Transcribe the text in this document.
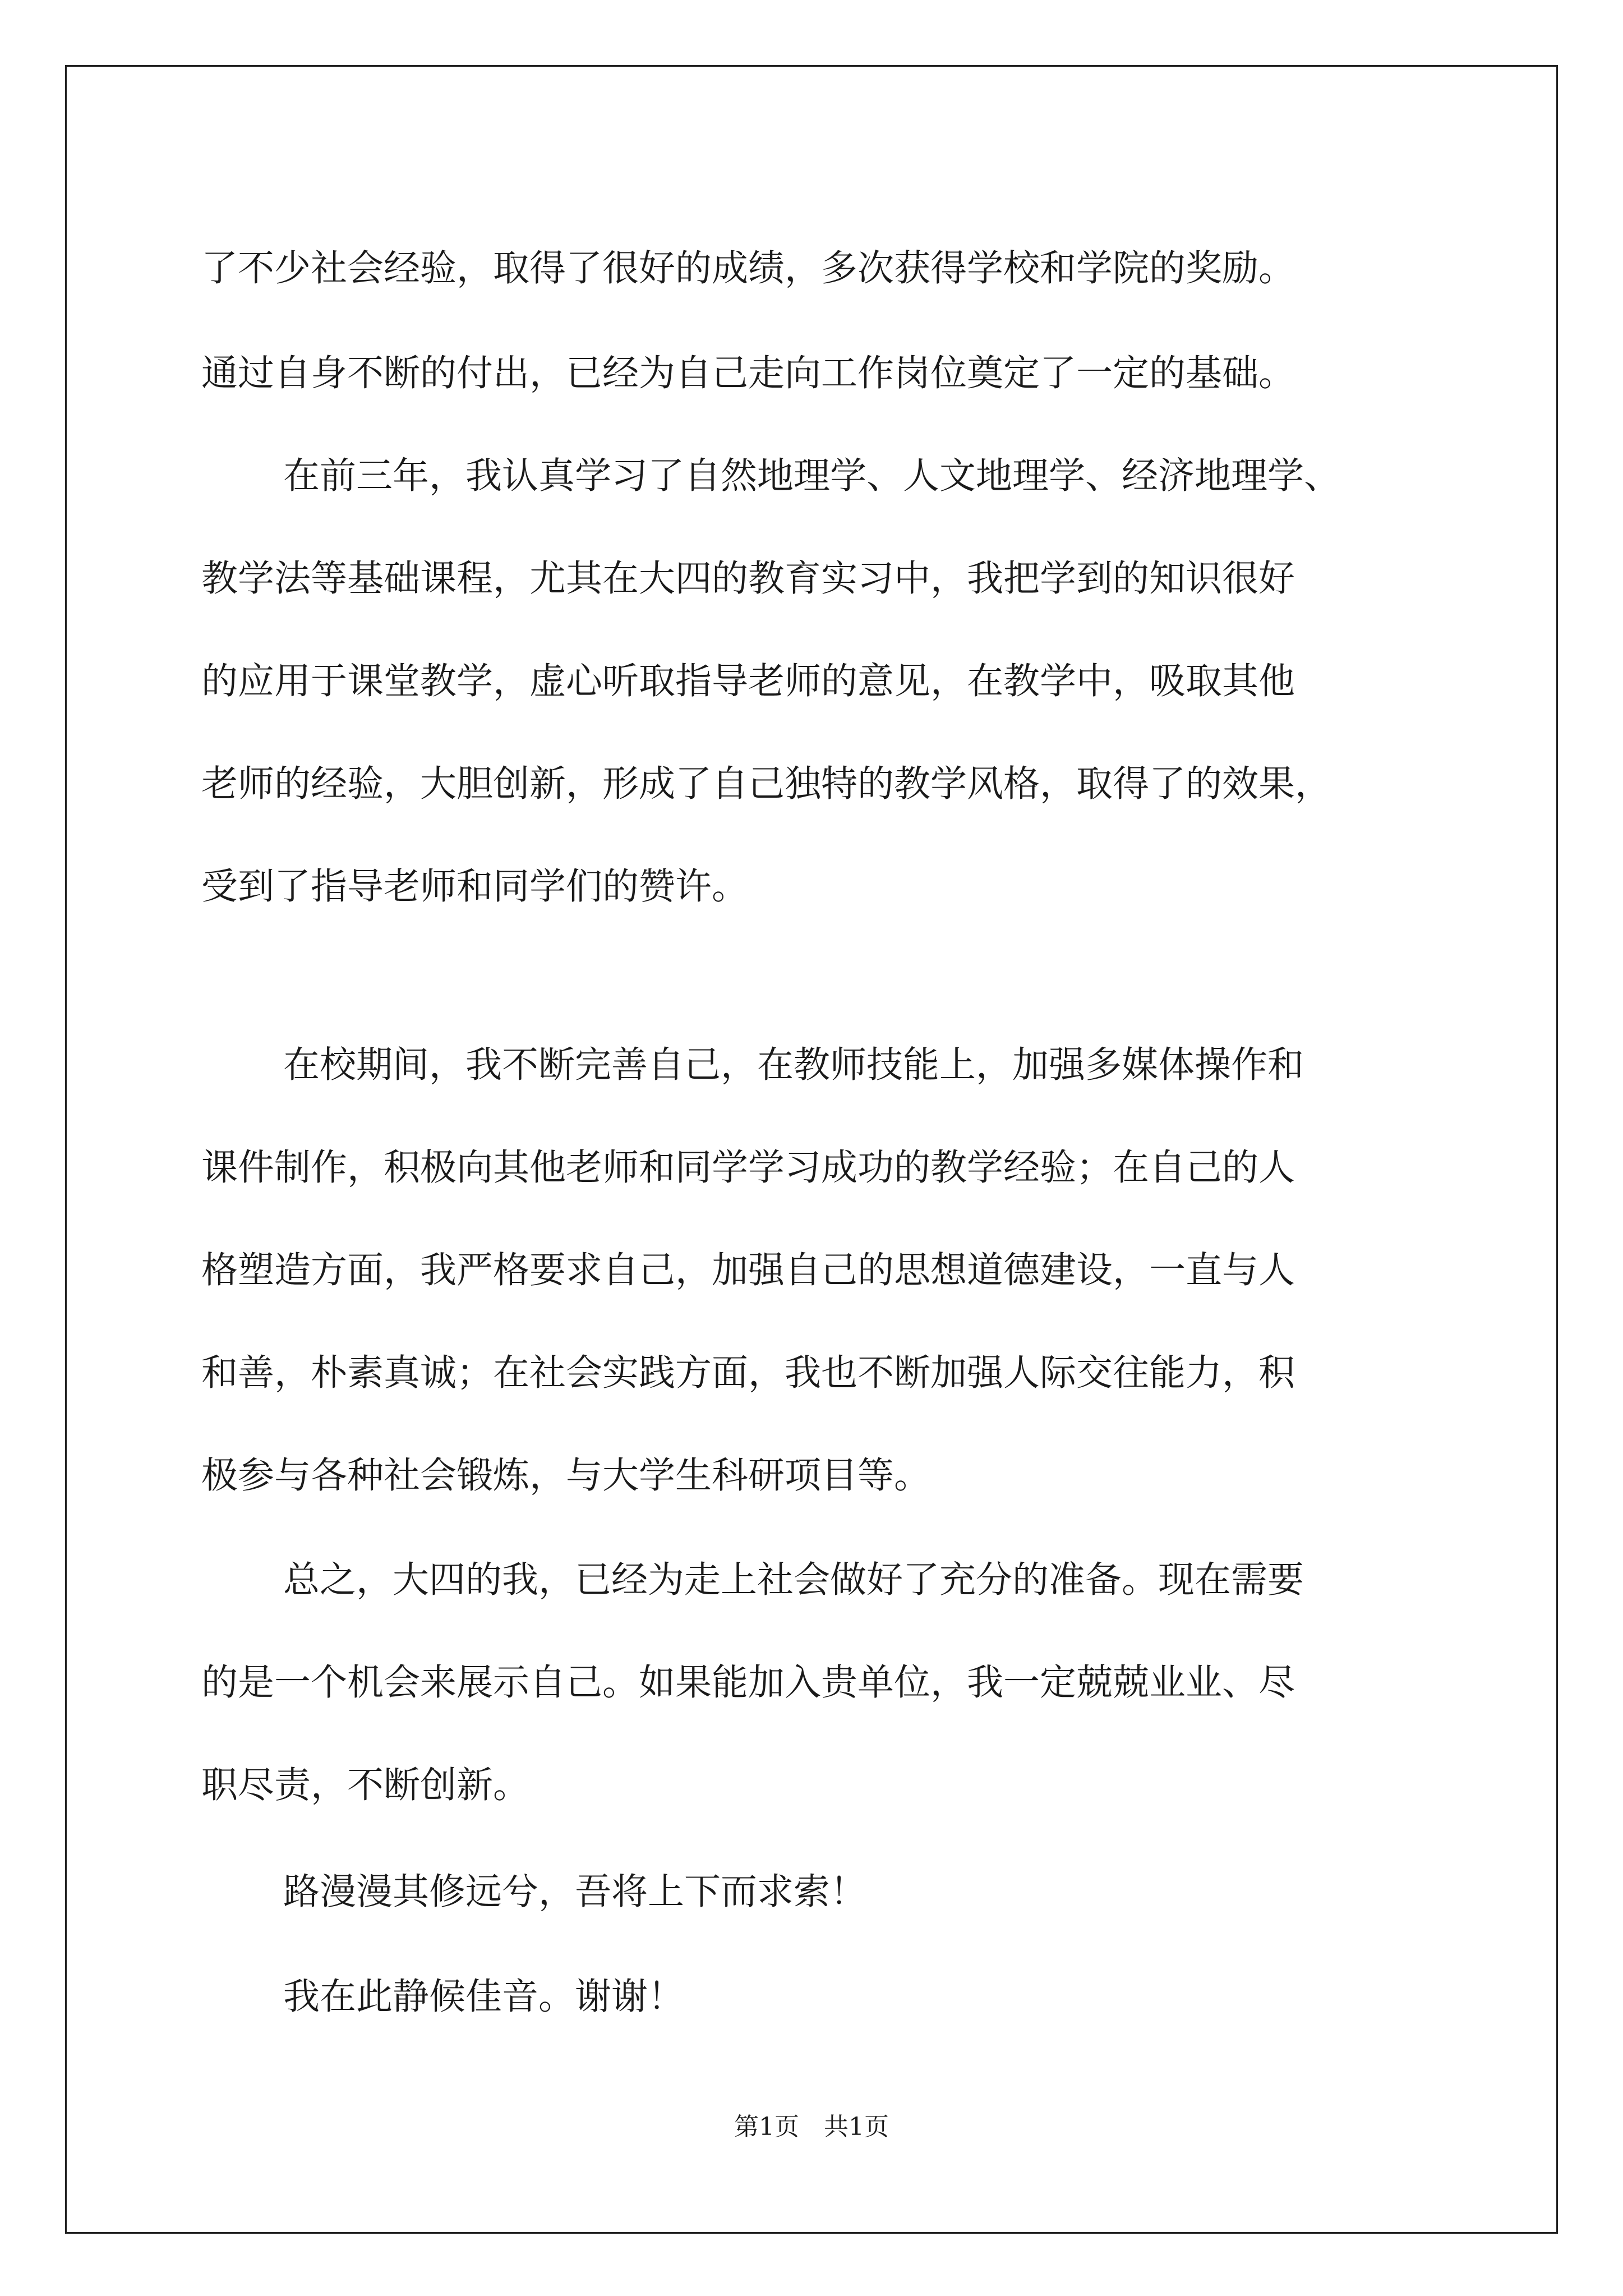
了不少社会经验，取得了很好的成绩，多次获得学校和学院的奖励。
通过自身不断的付出，已经为自己走向工作岗位奠定了一定的基础。
在前三年，我认真学习了自然地理学、人文地理学、经济地理学、
教学法等基础课程，尤其在大四的教育实习中，我把学到的知识很好
的应用于课堂教学，虚心听取指导老师的意见，在教学中，吸取其他
老师的经验，大胆创新，形成了自己独特的教学风格，取得了的效果，
受到了指导老师和同学们的赞许。
在校期间，我不断完善自己，在教师技能上，加强多媒体操作和
课件制作，积极向其他老师和同学学习成功的教学经验；在自己的人
格塑造方面，我严格要求自己，加强自己的思想道德建设，一直与人
和善，朴素真诚；在社会实践方面，我也不断加强人际交往能力，积
极参与各种社会锻炼，与大学生科研项目等。
总之，大四的我，已经为走上社会做好了充分的准备。现在需要
的是一个机会来展示自己。如果能加入贵单位，我一定兢兢业业、尽
职尽责，不断创新。
路漫漫其修远兮，吾将上下而求索！
我在此静候佳音。谢谢！
第1页　共1页
